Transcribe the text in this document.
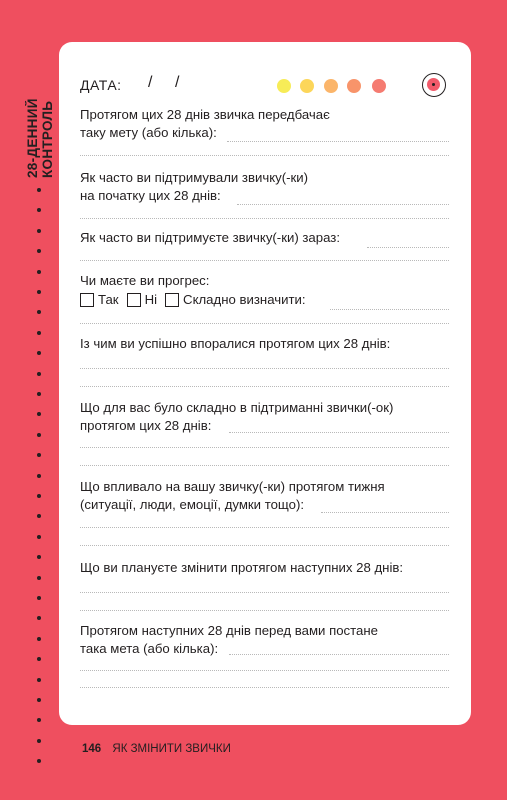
28-ДЕННИЙ КОНТРОЛЬ
ДАТА: / /
Протягом цих 28 днів звичка передбачає
таку мету (або кілька):
Як часто ви підтримували звичку(-ки)
на початку цих 28 днів:
Як часто ви підтримуєте звичку(-ки) зараз:
Чи маєте ви прогрес:
Із чим ви успішно впоралися протягом цих 28 днів:
Що для вас було складно в підтриманні звички(-ок)
протягом цих 28 днів:
Що впливало на вашу звичку(-ки) протягом тижня
(ситуації, люди, емоції, думки тощо):
Що ви плануєте змінити протягом наступних 28 днів:
Протягом наступних 28 днів перед вами постане
така мета (або кілька):
Так Ні Складно визначити:
146 ЯК ЗМІНИТИ ЗВИЧКИ
